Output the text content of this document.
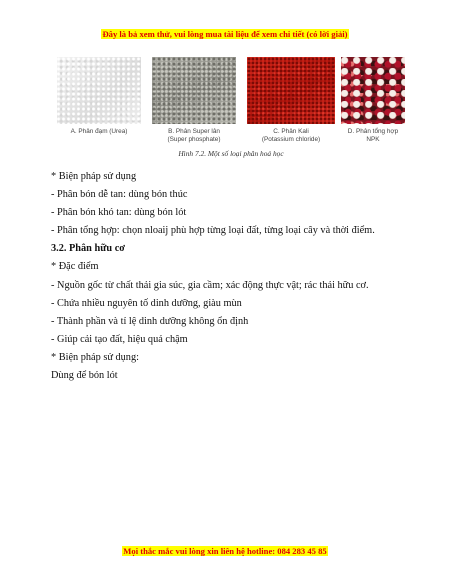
Đây là bả xem thử, vui lòng mua tài liệu để xem chi tiết (có lời giải)
A. Phân đạm (Urea)	B. Phân Super lân
(Super phosphate)
C. Phân Kali
(Potassium chloride)
D. Phân tổng hợp
NPK
Hình 7.2. Một số loại phân hoá học
* Biện pháp sử dụng
- Phân bón dễ tan: dùng bón thúc
- Phân bón khó tan: dùng bón lót
- Phân tổng hợp: chọn nloaij phù hợp từng loại đất, từng loại cây và thời điểm.
3.2. Phân hữu cơ
* Đặc điểm
- Nguồn gốc từ chất thải gia súc, gia cầm; xác động thực vật; rác thải hữu cơ.
- Chứa nhiều nguyên tố dinh dưỡng, giàu mùn
- Thành phần và tỉ lệ dinh dưỡng không ổn định
- Giúp cải tạo đất, hiệu quả chậm
* Biện pháp sử dụng:
Dùng để bón lót
Mọi thắc mắc vui lòng xin liên hệ hotline: 084 283 45 85
